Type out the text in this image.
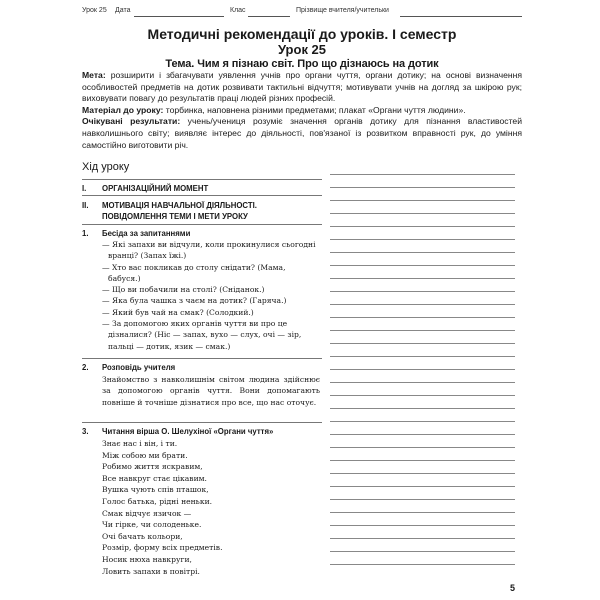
Урок 25 Дата	Клас	Прізвище вчителя/учительки
Методичні рекомендації до уроків. І семестр
Урок 25
Тема. Чим я пізнаю світ. Про що дізнаюсь на дотик

Мета: розширити і збагачувати уявлення учнів про органи чуття, органи дотику; на основі визначення особливостей предметів на дотик розвивати тактильні відчуття; мотивувати учнів на догляд за шкірою рук; виховувати повагу до результатів праці людей різних професій.

Матеріал до уроку: торбинка, наповнена різними предметами; плакат «Органи чуття людини».

Очікувані результати: учень/учениця розуміє значення органів дотику для пізнання властивостей навколишнього світу; виявляє інтерес до діяльності, пов'язаної із розвитком вправності рук, до уміння самостійно виготовити річ.

Хід уроку
I. ОРГАНІЗАЦІЙНИЙ МОМЕНТ
II. МОТИВАЦІЯ НАВЧАЛЬНОЇ ДІЯЛЬНОСТІ.
ПОВІДОМЛЕННЯ ТЕМИ І МЕТИ УРОКУ
1. Бесіда за запитаннями

— Які запахи ви відчули, коли прокинулися сьогодні вранці? (Запах їжі.)

— Хто вас покликав до столу снідати? (Мама, бабуся.)

— Що ви побачили на столі? (Сніданок.)

— Яка була чашка з чаєм на дотик? (Гаряча.)

— Який був чай на смак? (Солодкий.)

— За допомогою яких органів чуття ви про це дізналися? (Ніс — запах, вухо — слух, очі — зір, пальці — дотик, язик — смак.)

2. Розповідь учителя
Знайомство з навколишнім світом людина здійснює за допомогою органів чуття. Вони допомагають повніше й точніше дізнатися про все, що нас оточує.
3. Читання вірша О. Шелухіної «Органи чуття»

Знає нас і він, і ти.

Між собою ми брати.

Робимо життя яскравим,

Все навкруг стає цікавим.

Вушка чують спів пташок,

Голос батька, рідні неньки.

Смак відчує язичок —

Чи гірке, чи солоденьке.

Очі бачать кольори,

Розмір, форму всіх предметів.

Носик нюха навкруги,

Ловить запахи в повітрі.

5
